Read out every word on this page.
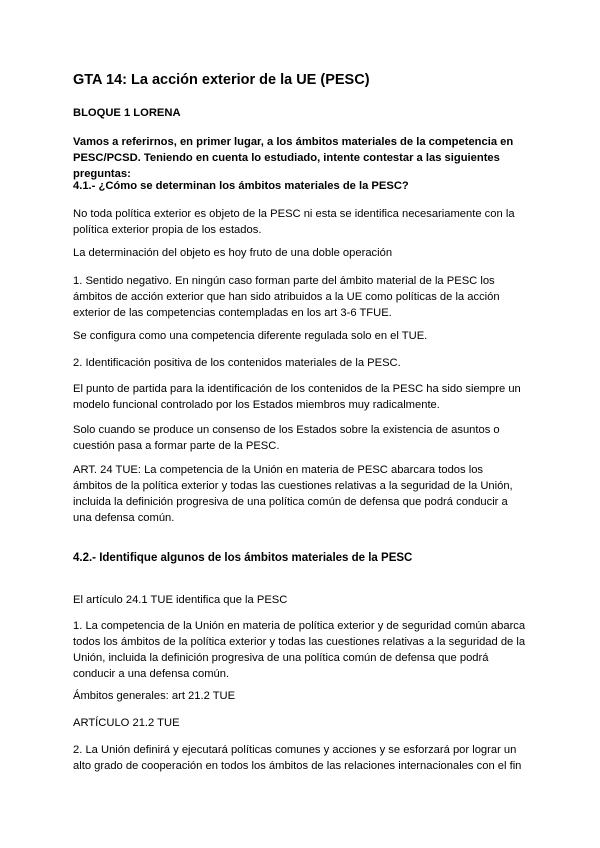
GTA 14: La acción exterior de la UE (PESC)

BLOQUE 1 LORENA

Vamos a referirnos, en primer lugar, a los ámbitos materiales de la competencia en PESC/PCSD. Teniendo en cuenta lo estudiado, intente contestar a las siguientes preguntas:

4.1.- ¿Cómo se determinan los ámbitos materiales de la PESC?

No toda política exterior es objeto de la PESC ni esta se identifica necesariamente con la política exterior propia de los estados.

La determinación del objeto es hoy fruto de una doble operación

1. Sentido negativo. En ningún caso forman parte del ámbito material de la PESC los ámbitos de acción exterior que han sido atribuidos a la UE como políticas de la acción exterior de las competencias contempladas en los art 3-6 TFUE.

Se configura como una competencia diferente regulada solo en el TUE.

2. Identificación positiva de los contenidos materiales de la PESC.

El punto de partida para la identificación de los contenidos de la PESC ha sido siempre un modelo funcional controlado por los Estados miembros muy radicalmente.

Solo cuando se produce un consenso de los Estados sobre la existencia de asuntos o cuestión pasa a formar parte de la PESC.

ART. 24 TUE: La competencia de la Unión en materia de PESC abarcara todos los ámbitos de la política exterior y todas las cuestiones relativas a la seguridad de la Unión, incluida la definición progresiva de una política común de defensa que podrá conducir a una defensa común.

4.2.- Identifique algunos de los ámbitos materiales de la PESC

El artículo 24.1 TUE identifica que la PESC

1. La competencia de la Unión en materia de política exterior y de seguridad común abarca todos los ámbitos de la política exterior y todas las cuestiones relativas a la seguridad de la Unión, incluida la definición progresiva de una política común de defensa que podrá conducir a una defensa común.

Ámbitos generales: art 21.2 TUE

ARTÍCULO 21.2 TUE

2. La Unión definirá y ejecutará políticas comunes y acciones y se esforzará por lograr un alto grado de cooperación en todos los ámbitos de las relaciones internacionales con el fin
